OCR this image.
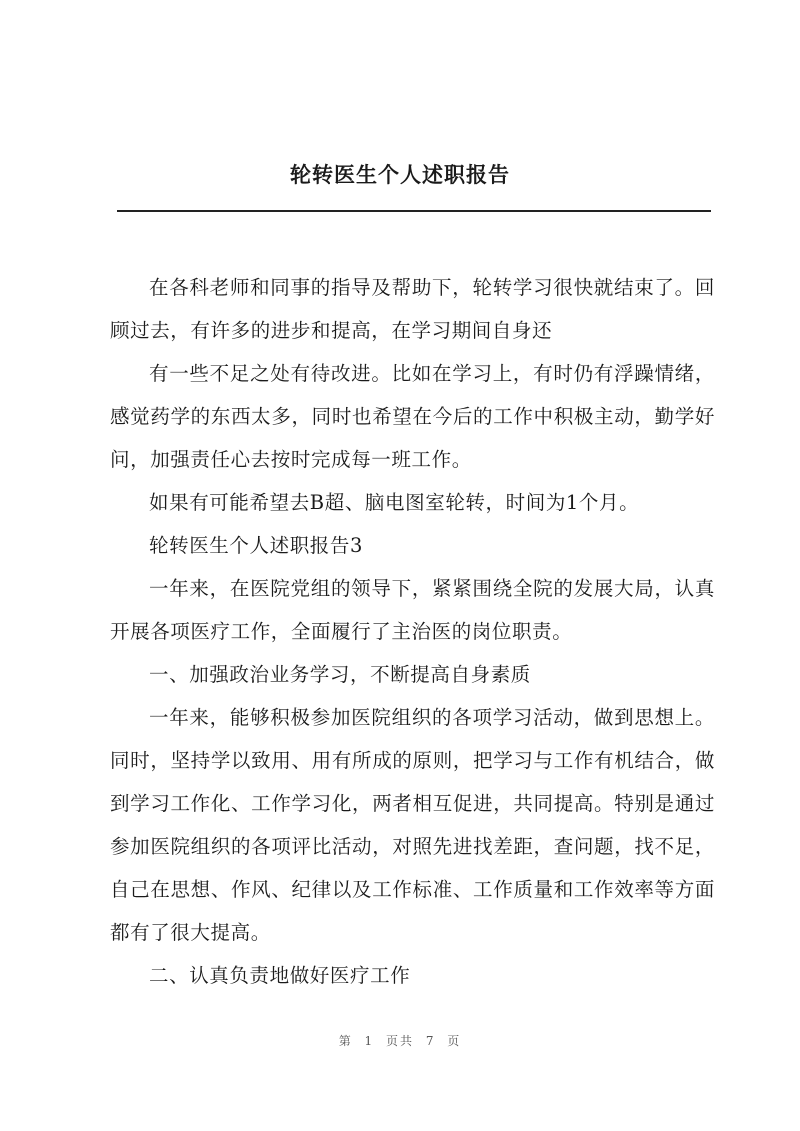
轮转医生个人述职报告

在各科老师和同事的指导及帮助下，轮转学习很快就结束了。回顾过去，有许多的进步和提高，在学习期间自身还

有一些不足之处有待改进。比如在学习上，有时仍有浮躁情绪，感觉药学的东西太多，同时也希望在今后的工作中积极主动，勤学好问，加强责任心去按时完成每一班工作。

如果有可能希望去B超、脑电图室轮转，时间为1个月。

轮转医生个人述职报告3

一年来，在医院党组的领导下，紧紧围绕全院的发展大局，认真开展各项医疗工作，全面履行了主治医的岗位职责。

一、加强政治业务学习，不断提高自身素质

一年来，能够积极参加医院组织的各项学习活动，做到思想上。同时，坚持学以致用、用有所成的原则，把学习与工作有机结合，做到学习工作化、工作学习化，两者相互促进，共同提高。特别是通过参加医院组织的各项评比活动，对照先进找差距，查问题，找不足，自己在思想、作风、纪律以及工作标准、工作质量和工作效率等方面都有了很大提高。

二、认真负责地做好医疗工作

第 1 页共 7 页
